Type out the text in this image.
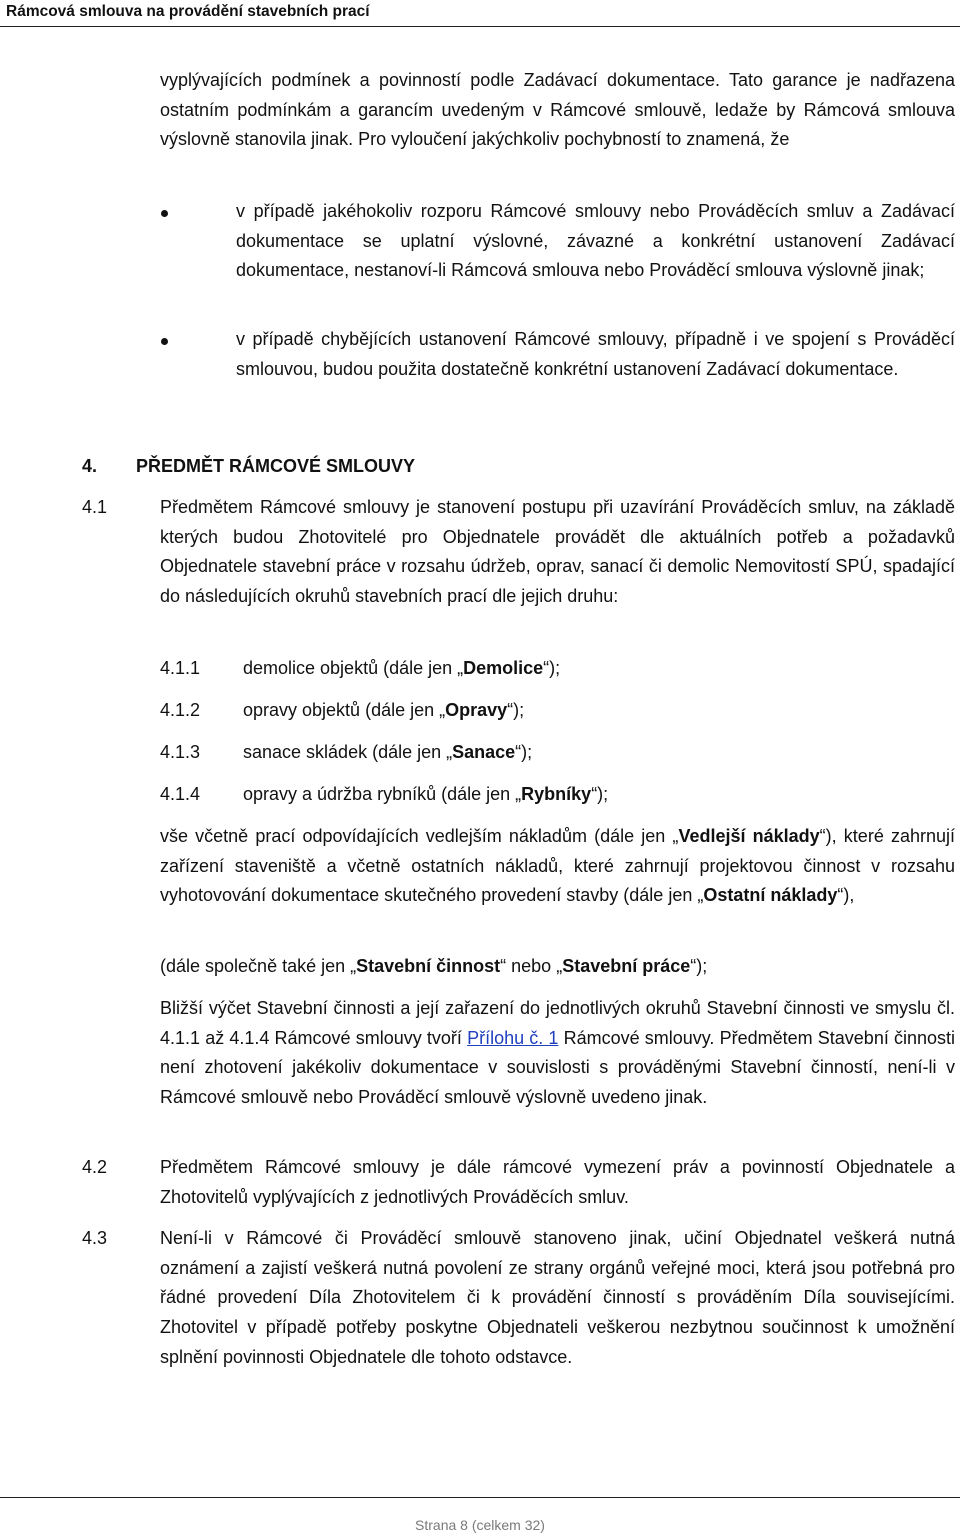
Rámcová smlouva na provádění stavebních prací
vyplývajících podmínek a povinností podle Zadávací dokumentace. Tato garance je nadřazena ostatním podmínkám a garancím uvedeným v Rámcové smlouvě, ledaže by Rámcová smlouva výslovně stanovila jinak. Pro vyloučení jakýchkoliv pochybností to znamená, že
v případě jakéhokoliv rozporu Rámcové smlouvy nebo Prováděcích smluv a Zadávací dokumentace se uplatní výslovné, závazné a konkrétní ustanovení Zadávací dokumentace, nestanoví-li Rámcová smlouva nebo Prováděcí smlouva výslovně jinak;
v případě chybějících ustanovení Rámcové smlouvy, případně i ve spojení s Prováděcí smlouvou, budou použita dostatečně konkrétní ustanovení Zadávací dokumentace.
4. PŘEDMĚT RÁMCOVÉ SMLOUVY
4.1	Předmětem Rámcové smlouvy je stanovení postupu při uzavírání Prováděcích smluv, na základě kterých budou Zhotovitelé pro Objednatele provádět dle aktuálních potřeb a požadavků Objednatele stavební práce v rozsahu údržeb, oprav, sanací či demolic Nemovitostí SPÚ, spadající do následujících okruhů stavebních prací dle jejich druhu:
4.1.1 demolice objektů (dále jen „Demolice“);
4.1.2 opravy objektů (dále jen „Opravy“);
4.1.3 sanace skládek (dále jen „Sanace“);
4.1.4 opravy a údržba rybníků (dále jen „Rybníky“);
vše včetně prací odpovídajících vedlejším nákladům (dále jen „Vedlejší náklady“), které zahrnují zařízení staveniště a včetně ostatních nákladů, které zahrnují projektovou činnost v rozsahu vyhotovování dokumentace skutečného provedení stavby (dále jen „Ostatní náklady“),
(dále společně také jen „Stavební činnost“ nebo „Stavební práce“);
Bližší výčet Stavební činnosti a její zařazení do jednotlivých okruhů Stavební činnosti ve smyslu čl. 4.1.1 až 4.1.4 Rámcové smlouvy tvoří Přílohu č. 1 Rámcové smlouvy. Předmětem Stavební činnosti není zhotovení jakékoliv dokumentace v souvislosti s prováděnými Stavební činností, není-li v Rámcové smlouvě nebo Prováděcí smlouvě výslovně uvedeno jinak.
4.2	Předmětem Rámcové smlouvy je dále rámcové vymezení práv a povinností Objednatele a Zhotovitelů vyplývajících z jednotlivých Prováděcích smluv.
4.3	Není-li v Rámcové či Prováděcí smlouvě stanoveno jinak, učiní Objednatel veškerá nutná oznámení a zajistí veškerá nutná povolení ze strany orgánů veřejné moci, která jsou potřebná pro řádné provedení Díla Zhotovitelem či k provádění činností s prováděním Díla souvisejícími. Zhotovitel v případě potřeby poskytne Objednateli veškerou nezbytnou součinnost k umožnění splnění povinnosti Objednatele dle tohoto odstavce.
Strana 8 (celkem 32)
